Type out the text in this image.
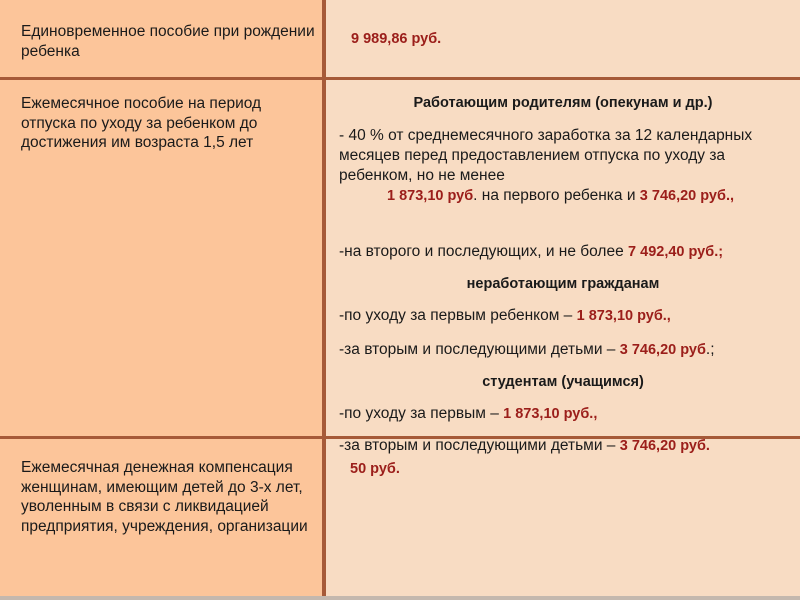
Единовременное пособие при рождении ребенка
Ежемесячное пособие на период отпуска по уходу за ребенком до достижения им возраста 1,5 лет
Ежемесячная денежная компенсация женщинам, имеющим детей до 3-х лет, уволенным в связи с ликвидацией предприятия, учреждения, организации
9 989,86 руб.
Работающим родителям (опекунам и др.)
- 40 % от среднемесячного заработка за 12 календарных месяцев перед предоставлением отпуска по уходу за ребенком, но не менее
1 873,10 руб. на первого ребенка и 3 746,20 руб.,
-на второго и последующих, и не более 7 492,40 руб.;
неработающим гражданам
-по уходу за первым ребенком – 1 873,10 руб.,
-за вторым и последующими детьми – 3 746,20 руб.;
студентам (учащимся)
-по уходу за первым – 1 873,10 руб.,
-за вторым и последующими детьми – 3 746,20 руб.
50 руб.
